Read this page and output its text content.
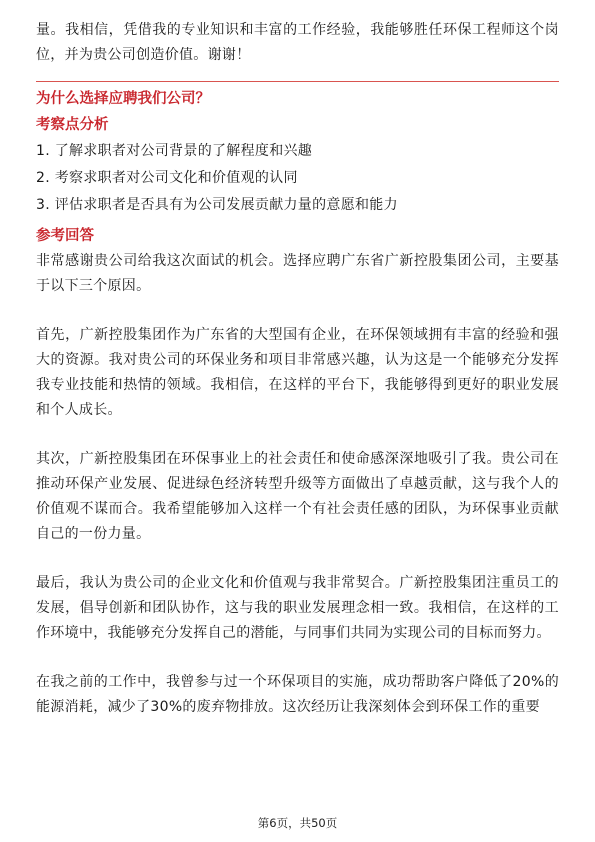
量。我相信，凭借我的专业知识和丰富的工作经验，我能够胜任环保工程师这个岗位，并为贵公司创造价值。谢谢！

为什么选择应聘我们公司？
考察点分析

1. 了解求职者对公司背景的了解程度和兴趣

2. 考察求职者对公司文化和价值观的认同

3. 评估求职者是否具有为公司发展贡献力量的意愿和能力

参考回答

非常感谢贵公司给我这次面试的机会。选择应聘广东省广新控股集团公司，主要基于以下三个原因。

首先，广新控股集团作为广东省的大型国有企业，在环保领域拥有丰富的经验和强大的资源。我对贵公司的环保业务和项目非常感兴趣，认为这是一个能够充分发挥我专业技能和热情的领域。我相信，在这样的平台下，我能够得到更好的职业发展和个人成长。

其次，广新控股集团在环保事业上的社会责任和使命感深深地吸引了我。贵公司在推动环保产业发展、促进绿色经济转型升级等方面做出了卓越贡献，这与我个人的价值观不谋而合。我希望能够加入这样一个有社会责任感的团队，为环保事业贡献自己的一份力量。

最后，我认为贵公司的企业文化和价值观与我非常契合。广新控股集团注重员工的发展，倡导创新和团队协作，这与我的职业发展理念相一致。我相信，在这样的工作环境中，我能够充分发挥自己的潜能，与同事们共同为实现公司的目标而努力。

在我之前的工作中，我曾参与过一个环保项目的实施，成功帮助客户降低了20%的能源消耗，减少了30%的废弃物排放。这次经历让我深刻体会到环保工作的重要

第6页，共50页
